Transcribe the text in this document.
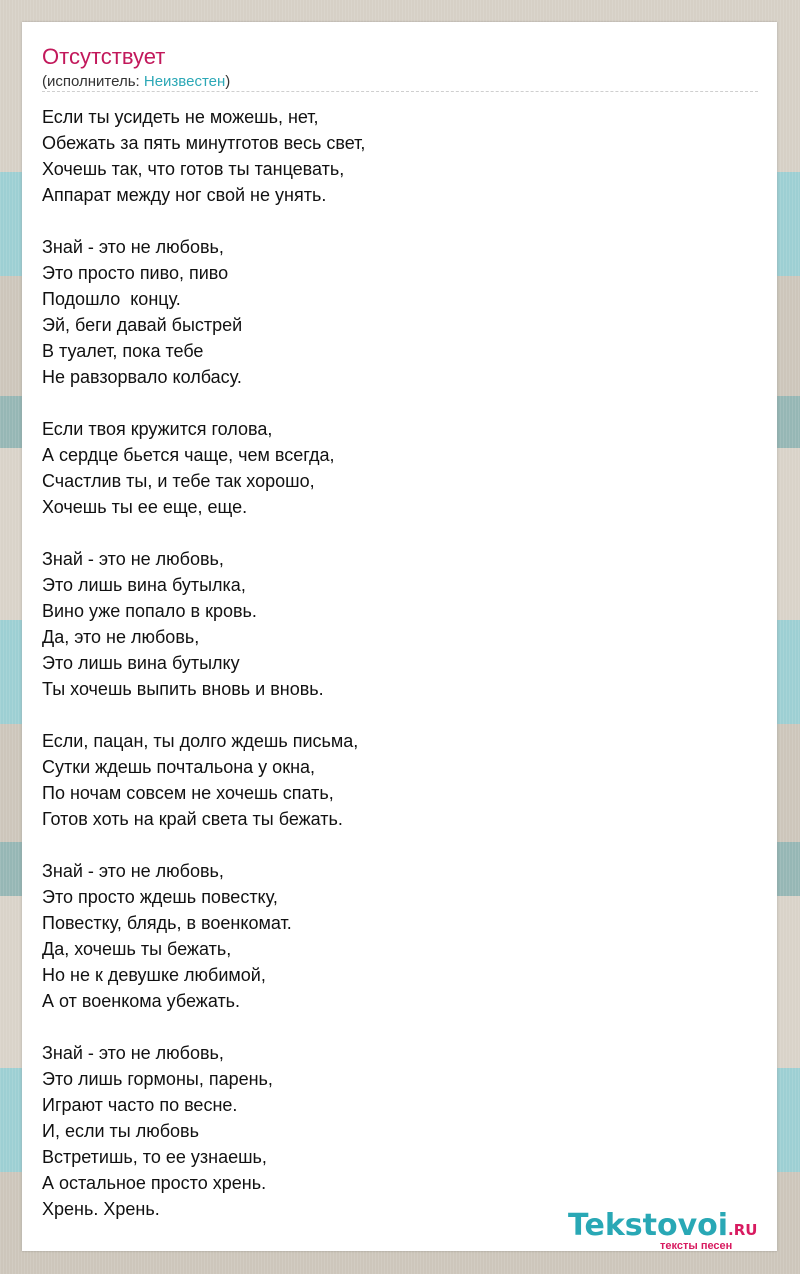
Отсутствует
(исполнитель: Неизвестен)
Если ты усидеть не можешь, нет,
Обежать за пять минутготов весь свет,
Хочешь так, что готов ты танцевать,
Аппарат между ног свой не унять.

Знай - это не любовь,
Это просто пиво, пиво
Подошло  концу.
Эй, беги давай быстрей
В туалет, пока тебе
Не равзорвало колбасу.

Если твоя кружится голова,
А сердце бьется чаще, чем всегда,
Счастлив ты, и тебе так хорошо,
Хочешь ты ее еще, еще.

Знай - это не любовь,
Это лишь вина бутылка,
Вино уже попало в кровь.
Да, это не любовь,
Это лишь вина бутылку
Ты хочешь выпить вновь и вновь.

Если, пацан, ты долго ждешь письма,
Сутки ждешь почтальона у окна,
По ночам совсем не хочешь спать,
Готов хоть на край света ты бежать.

Знай - это не любовь,
Это просто ждешь повестку,
Повестку, блядь, в военкомат.
Да, хочешь ты бежать,
Но не к девушке любимой,
А от военкома убежать.

Знай - это не любовь,
Это лишь гормоны, парень,
Играют часто по весне.
И, если ты любовь
Встретишь, то ее узнаешь,
А остальное просто хрень.
Хрень. Хрень.	Tekstovoi.RU
тексты песен
